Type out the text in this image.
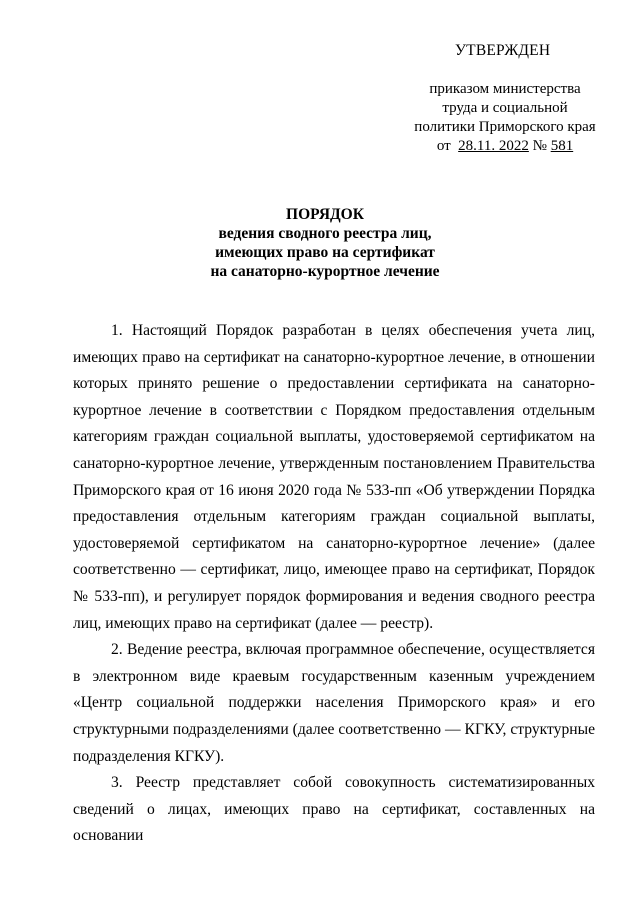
УТВЕРЖДЕН
приказом министерства
труда и социальной
политики Приморского края
от 28.11. 2022 № 581
ПОРЯДОК
ведения сводного реестра лиц,
имеющих право на сертификат
на санаторно-курортное лечение

1. Настоящий Порядок разработан в целях обеспечения учета лиц, имеющих право на сертификат на санаторно-курортное лечение, в отношении которых принято решение о предоставлении сертификата на санаторно-курортное лечение в соответствии с Порядком предоставления отдельным категориям граждан социальной выплаты, удостоверяемой сертификатом на санаторно-курортное лечение, утвержденным постановлением Правительства Приморского края от 16 июня 2020 года № 533-пп «Об утверждении Порядка предоставления отдельным категориям граждан социальной выплаты, удостоверяемой сертификатом на санаторно-курортное лечение» (далее соответственно — сертификат, лицо, имеющее право на сертификат, Порядок № 533-пп), и регулирует порядок формирования и ведения сводного реестра лиц, имеющих право на сертификат (далее — реестр).

2. Ведение реестра, включая программное обеспечение, осуществляется в электронном виде краевым государственным казенным учреждением «Центр социальной поддержки населения Приморского края» и его структурными подразделениями (далее соответственно — КГКУ, структурные подразделения КГКУ).

3. Реестр представляет собой совокупность систематизированных сведений о лицах, имеющих право на сертификат, составленных на основании
